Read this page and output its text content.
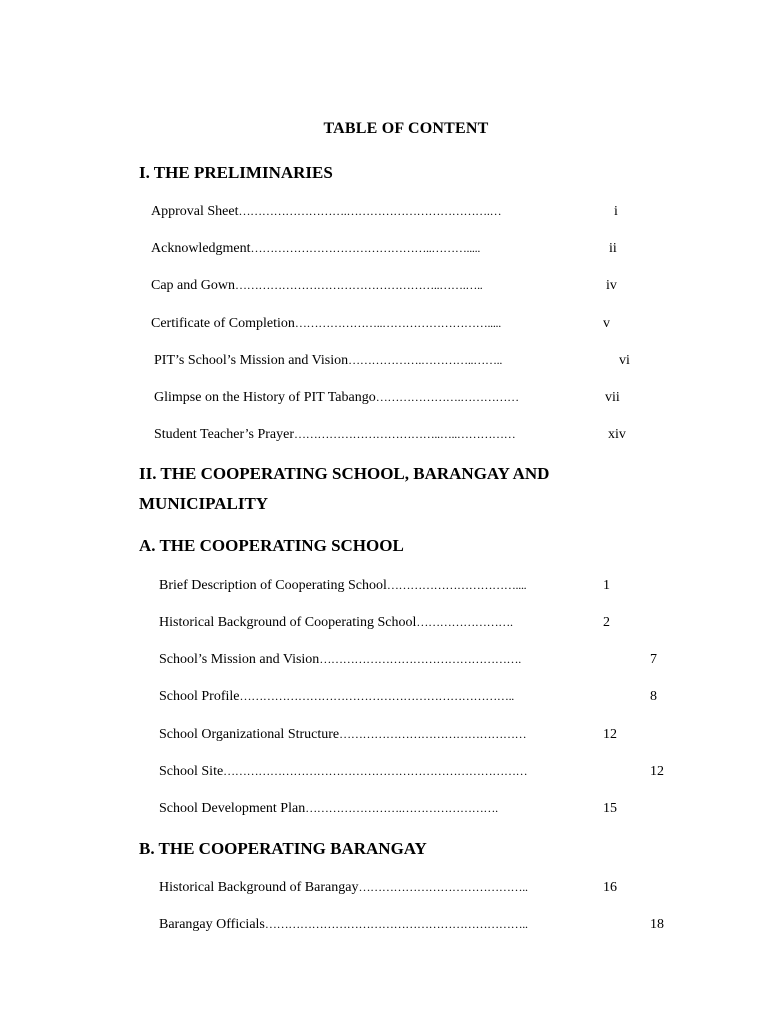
TABLE OF CONTENT
I. THE PRELIMINARIES
Approval Sheet……………………….……………………………….…	i
Acknowledgment………………………………………..……….....	ii
Cap and Gown……………………………………………..…….…..	iv
Certificate of Completion…………………..……………………….....	v
PIT’s School’s Mission and Vision……………….…………..……..	vi
Glimpse on the History of PIT Tabango………………….……………	vii
Student Teacher’s Prayer………………………………..…..……………	xiv
II. THE COOPERATING SCHOOL, BARANGAY AND MUNICIPALITY
A. THE COOPERATING SCHOOL
Brief Description of Cooperating School……………………………....	1
Historical Background of Cooperating School…………………….	2
School’s Mission and Vision…………………………………………….	7
School Profile……………………………………………………………..	8
School Organizational Structure…………………………………………	12
School Site……………………………………………………………………	12
School Development Plan…………………….…………………….	15
B. THE COOPERATING BARANGAY
Historical Background of Barangay……………………………………..	16
Barangay Officials…………………………………………………………..	18
